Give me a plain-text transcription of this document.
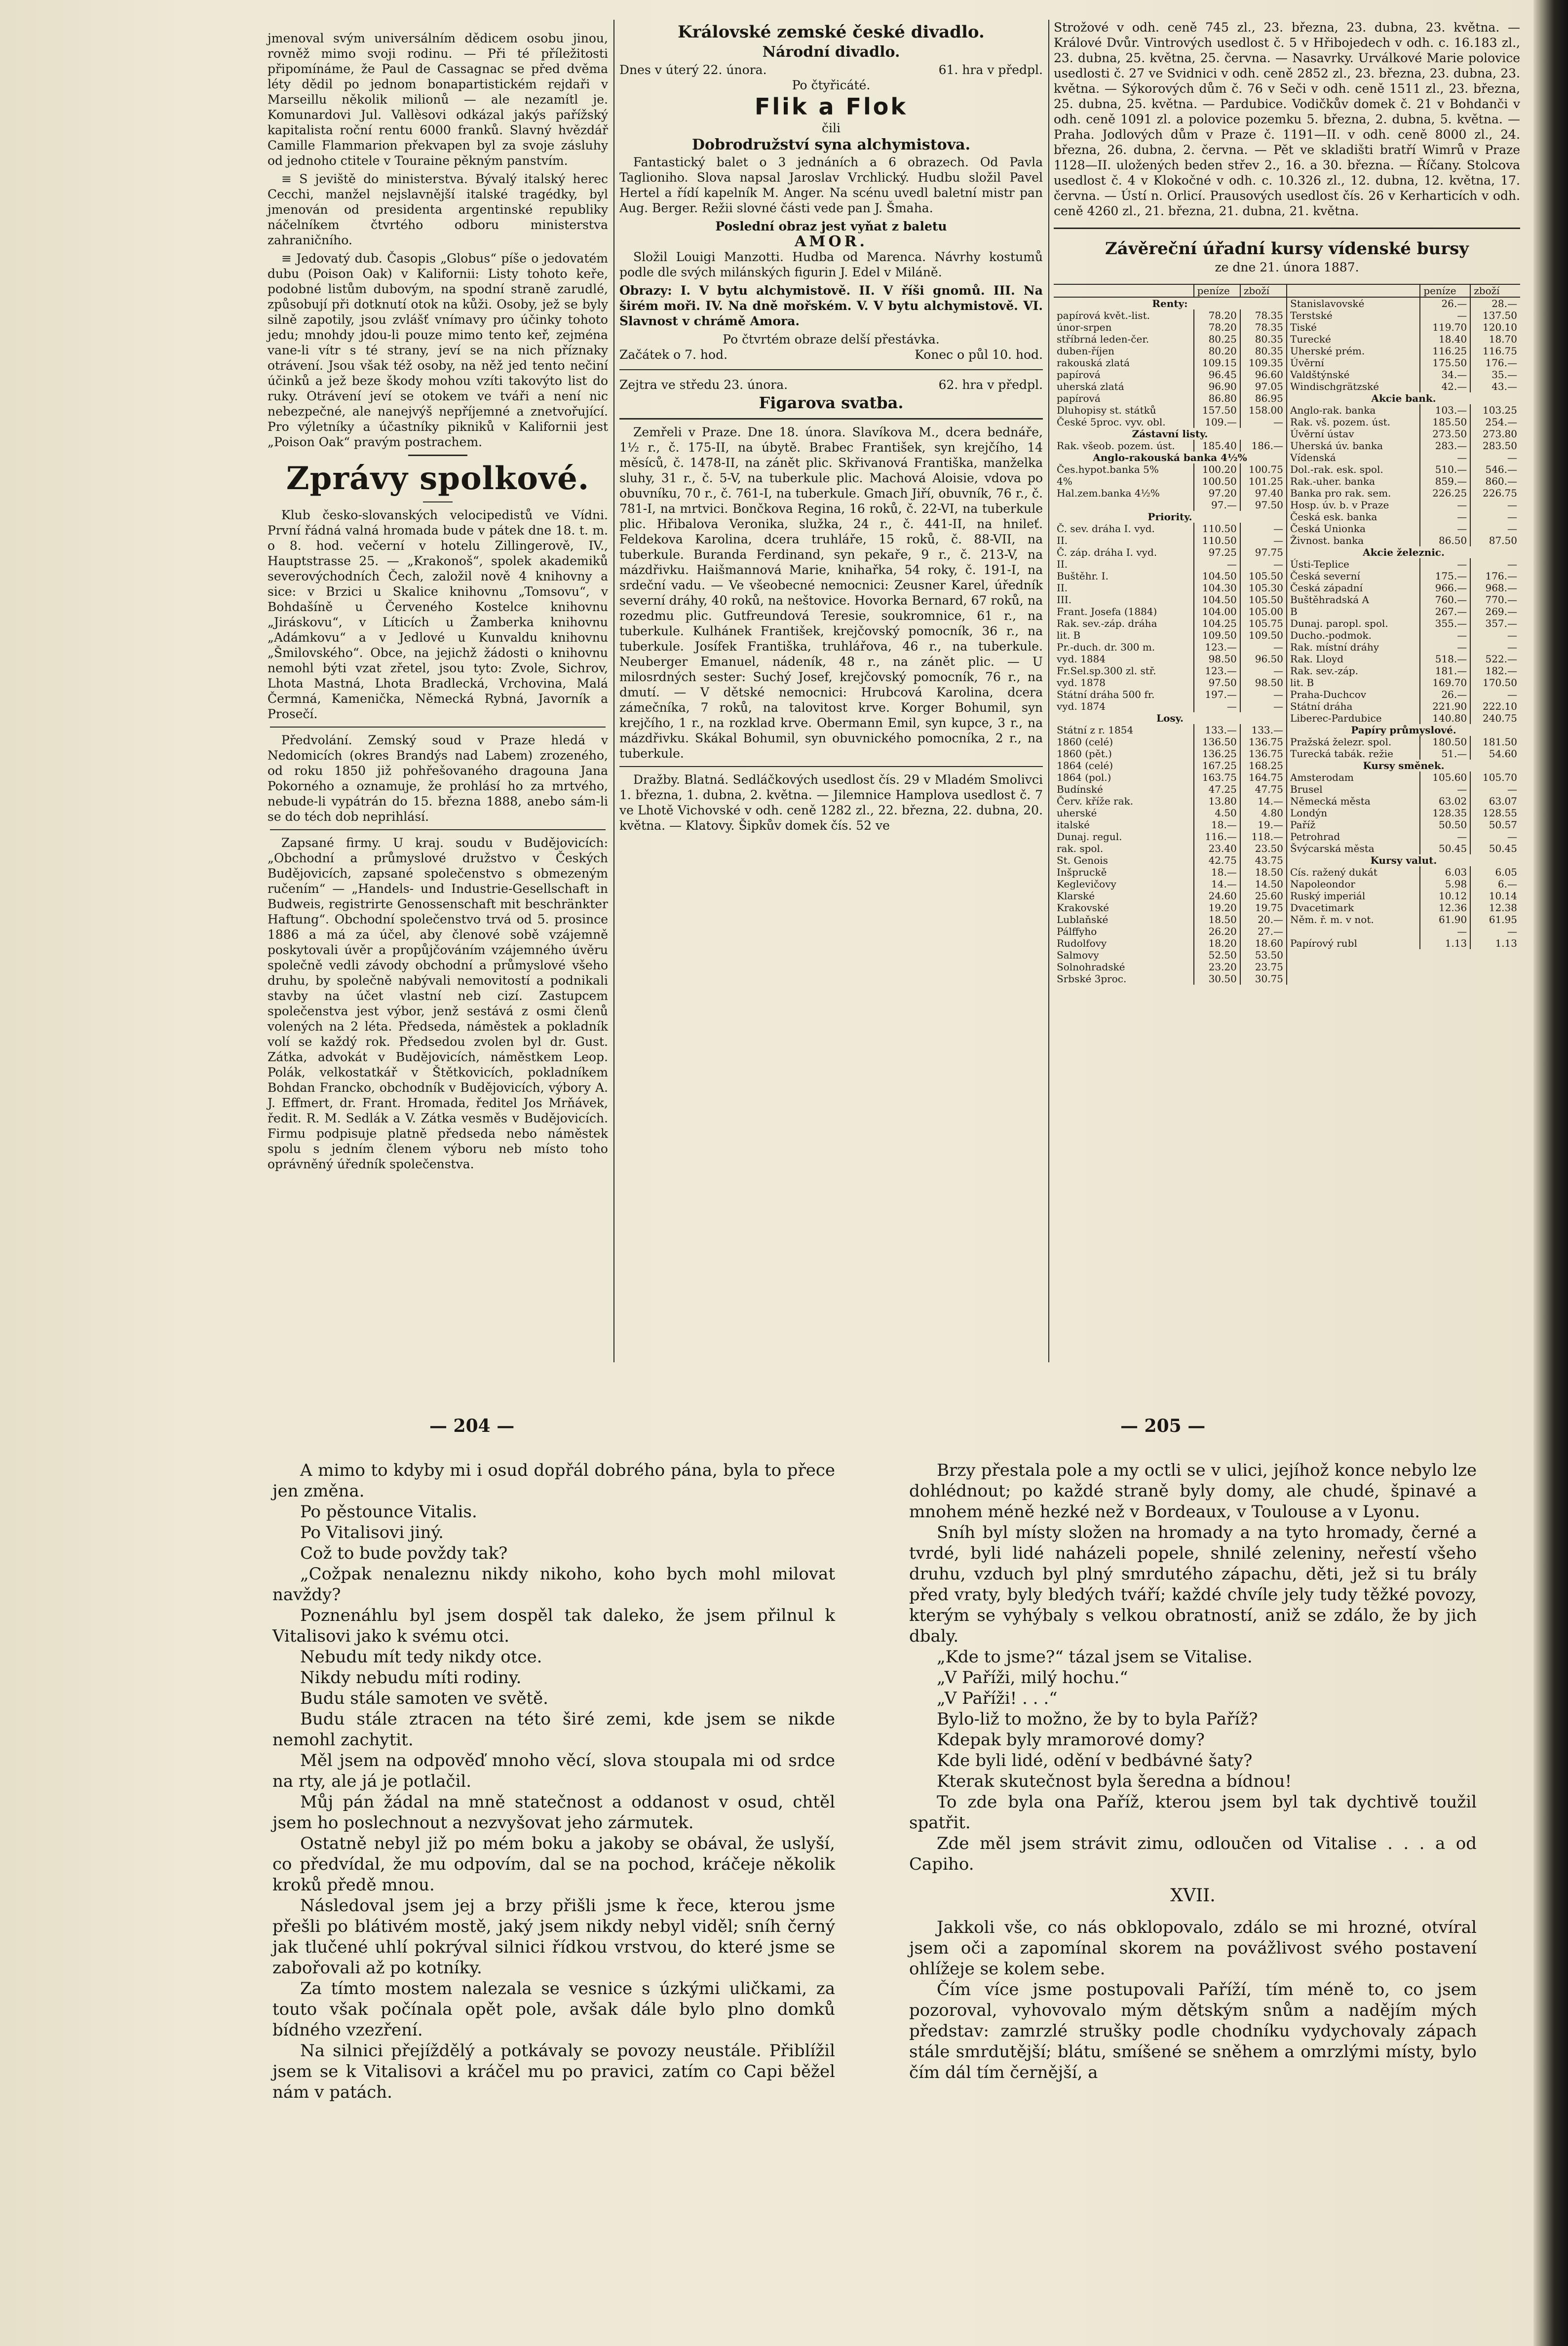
jmenoval svým universálním dědicem osobu jinou, rovněž mimo svoji rodinu. — Při té příležitosti připomínáme, že Paul de Cassagnac se před dvěma léty dědil po jednom bonapartistickém rejdaři v Marseillu několik milionů — ale nezamítl je. Komunardovi Jul. Vallèsovi odkázal jakýs pařížský kapitalista roční rentu 6000 franků. Slavný hvězdář Camille Flammarion překvapen byl za svoje zásluhy od jednoho ctitele v Touraine pěkným panstvím.

≡ S jeviště do ministerstva. Bývalý italský herec Cecchi, manžel nejslavnější italské tragédky, byl jmenován od presidenta argentinské republiky náčelníkem čtvrtého odboru ministerstva zahraničního.

≡ Jedovatý dub. Časopis „Globus“ píše o jedovatém dubu (Poison Oak) v Kalifornii: Listy tohoto keře, podobné listům dubovým, na spodní straně zarudlé, způsobují při dotknutí otok na kůži. Osoby, jež se byly silně zapotily, jsou zvlášť vnímavy pro účinky tohoto jedu; mnohdy jdou-li pouze mimo tento keř, zejména vane-li vítr s té strany, jeví se na nich příznaky otrávení. Jsou však též osoby, na něž jed tento nečiní účinků a jež beze škody mohou vzíti takovýto list do ruky. Otrávení jeví se otokem ve tváři a není nic nebezpečné, ale nanejvýš nepříjemné a znetvořující. Pro výletníky a účastníky pikniků v Kalifornii jest „Poison Oak“ pravým postrachem.

Zprávy spolkové.

Klub česko-slovanských velocipedistů ve Vídni. První řádná valná hromada bude v pátek dne 18. t. m. o 8. hod. večerní v hotelu Zillingerově, IV., Hauptstrasse 25. — „Krakonoš“, spolek akademiků severovýchodních Čech, založil nově 4 knihovny a sice: v Brzici u Skalice knihovnu „Tomsovu“, v Bohdašíně u Červeného Kostelce knihovnu „Jiráskovu“, v Líticích u Žamberka knihovnu „Adámkovu“ a v Jedlové u Kunvaldu knihovnu „Šmilovského“. Obce, na jejichž žádosti o knihovnu nemohl býti vzat zřetel, jsou tyto: Zvole, Sichrov, Lhota Mastná, Lhota Bradlecká, Vrchovina, Malá Čermná, Kamenička, Německá Rybná, Javorník a Prosečí.

Předvolání. Zemský soud v Praze hledá v Nedomicích (okres Brandýs nad Labem) zrozeného, od roku 1850 již pohřešovaného dragouna Jana Pokorného a oznamuje, že prohlásí ho za mrtvého, nebude-li vypátrán do 15. března 1888, anebo sám-li se do téch dob neprihlásí.

Zapsané firmy. U kraj. soudu v Budějovicích: „Obchodní a průmyslové družstvo v Českých Budějovicích, zapsané společenstvo s obmezeným ručením“ — „Handels- und Industrie-Gesellschaft in Budweis, registrirte Genossenschaft mit beschränkter Haftung“. Obchodní společenstvo trvá od 5. prosince 1886 a má za účel, aby členové sobě vzájemně poskytovali úvěr a propůjčováním vzájemného úvěru společně vedli závody obchodní a průmyslové všeho druhu, by společně nabývali nemovitostí a podnikali stavby na účet vlastní neb cizí. Zastupcem společenstva jest výbor, jenž sestává z osmi členů volených na 2 léta. Předseda, náměstek a pokladník volí se každý rok. Předsedou zvolen byl dr. Gust. Zátka, advokát v Budějovicích, náměstkem Leop. Polák, velkostatkář v Štětkovicích, pokladníkem Bohdan Francko, obchodník v Budějovicích, výbory A. J. Effmert, dr. Frant. Hromada, ředitel Jos Mrňávek, ředit. R. M. Sedlák a V. Zátka vesměs v Budějovicích. Firmu podpisuje platně předseda nebo náměstek spolu s jedním členem výboru neb místo toho oprávněný úředník společenstva.

Královské zemské české divadlo.
Národní divadlo.
Dnes v úterý 22. února.	61. hra v předpl.
Po čtyřicáté.
Flik a Flok
čili
Dobrodružství syna alchymistova.

Fantastický balet o 3 jednáních a 6 obrazech. Od Pavla Taglioniho. Slova napsal Jaroslav Vrchlický. Hudbu složil Pavel Hertel a řídí kapelník M. Anger. Na scénu uvedl baletní mistr pan Aug. Berger. Režii slovné části vede pan J. Šmaha.

Poslední obraz jest vyňat z baletu
AMOR.

Složil Louigi Manzotti. Hudba od Marenca. Návrhy kostumů podle dle svých milánských figurin J. Edel v Miláně.

Obrazy: I. V bytu alchymistově. II. V říši gnomů. III. Na širém moři. IV. Na dně mořském. V. V bytu alchymistově. VI. Slavnost v chrámě Amora.

Po čtvrtém obraze delší přestávka.
Začátek o 7. hod.	Konec o půl 10. hod.
Zejtra ve středu 23. února.	62. hra v předpl.
Figarova svatba.

Zemřeli v Praze. Dne 18. února. Slavíkova M., dcera bednáře, 1½ r., č. 175-II, na úbytě. Brabec František, syn krejčího, 14 měsíců, č. 1478-II, na zánět plic. Skřivanová Františka, manželka sluhy, 31 r., č. 5-V, na tuberkule plic. Machová Aloisie, vdova po obuvníku, 70 r., č. 761-I, na tuberkule. Gmach Jiří, obuvník, 76 r., č. 781-I, na mrtvici. Bončkova Regina, 16 roků, č. 22-VI, na tuberkule plic. Hřibalova Veronika, služka, 24 r., č. 441-II, na hnileť. Feldekova Karolina, dcera truhláře, 15 roků, č. 88-VII, na tuberkule. Buranda Ferdinand, syn pekaře, 9 r., č. 213-V, na mázdřivku. Haišmannová Marie, knihařka, 54 roky, č. 191-I, na srdeční vadu. — Ve všeobecné nemocnici: Zeusner Karel, úředník severní dráhy, 40 roků, na neštovice. Hovorka Bernard, 67 roků, na rozedmu plic. Gutfreundová Teresie, soukromnice, 61 r., na tuberkule. Kulhánek František, krejčovský pomocník, 36 r., na tuberkule. Josífek Františka, truhlářova, 46 r., na tuberkule. Neuberger Emanuel, nádeník, 48 r., na zánět plic. — U milosrdných sester: Suchý Josef, krejčovský pomocník, 76 r., na dmutí. — V dětské nemocnici: Hrubcová Karolina, dcera zámečníka, 7 roků, na talovitost krve. Korger Bohumil, syn krejčího, 1 r., na rozklad krve. Obermann Emil, syn kupce, 3 r., na mázdřivku. Skákal Bohumil, syn obuvnického pomocníka, 2 r., na tuberkule.

Dražby. Blatná. Sedláčkových usedlost čís. 29 v Mladém Smolivci 1. března, 1. dubna, 2. května. — Jilemnice Hamplova usedlost č. 7 ve Lhotě Vichovské v odh. ceně 1282 zl., 22. března, 22. dubna, 20. května. — Klatovy. Šipkův domek čís. 52 ve

Strožové v odh. ceně 745 zl., 23. března, 23. dubna, 23. května. — Králové Dvůr. Vintrových usedlost č. 5 v Hřibojedech v odh. c. 16.183 zl., 23. dubna, 25. května, 25. června. — Nasavrky. Urválkové Marie polovice usedlosti č. 27 ve Svidnici v odh. ceně 2852 zl., 23. března, 23. dubna, 23. května. — Sýkorových dům č. 76 v Seči v odh. ceně 1511 zl., 23. března, 25. dubna, 25. května. — Pardubice. Vodičkův domek č. 21 v Bohdanči v odh. ceně 1091 zl. a polovice pozemku 5. března, 2. dubna, 5. května. — Praha. Jodlových dům v Praze č. 1191—II. v odh. ceně 8000 zl., 24. března, 26. dubna, 2. června. — Pět ve skladišti bratří Wimrů v Praze 1128—II. uložených beden střev 2., 16. a 30. března. — Říčany. Stolcova usedlost č. 4 v Klokočné v odh. c. 10.326 zl., 12. dubna, 12. května, 17. června. — Ústí n. Orlicí. Prausových usedlost čís. 26 v Kerharticích v odh. ceně 4260 zl., 21. března, 21. dubna, 21. května.

Závěreční úřadní kursy vídenské bursy
ze dne 21. února 1887.
	peníze	zboží
Renty:		
papírová květ.-list.	78.20	78.35
únor-srpen	78.20	78.35
stříbrná leden-čer.	80.25	80.35
duben-říjen	80.20	80.35
rakouská zlatá	109.15	109.35
papírová	96.45	96.60
uherská zlatá	96.90	97.05
papírová	86.80	86.95
Dluhopisy st. státků	157.50	158.00
České 5proc. vyv. obl.	109.—	—
Zástavní listy.		
Rak. všeob. pozem. úst.	185.40	186.—
Anglo-rakouská banka 4½%		
Čes.hypot.banka 5%	100.20	100.75
4%	100.50	101.25
Hal.zem.banka 4½%	97.20	97.40
	97.—	97.50
Priority.		
Č. sev. dráha I. vyd.	110.50	—
II.	110.50	—
Č. záp. dráha I. vyd.	97.25	97.75
II.	—	—
Buštěhr. I.	104.50	105.50
II.	104.30	105.30
III.	104.50	105.50
Frant. Josefa (1884)	104.00	105.00
Rak. sev.-záp. dráha	104.25	105.75
lit. B	109.50	109.50
Pr.-duch. dr. 300 m.	123.—	—
vyd. 1884	98.50	96.50
Fr.Sel.sp.300 zl. stř.	123.—	—
vyd. 1878	97.50	98.50
Státní dráha 500 fr.	197.—	—
vyd. 1874	—	—
Losy.		
Státní z r. 1854	133.—	133.—
1860 (celé)	136.50	136.75
1860 (pět.)	136.25	136.75
1864 (celé)	167.25	168.25
1864 (pol.)	163.75	164.75
Budínské	47.25	47.75
Červ. kříže rak.	13.80	14.—
uherské	4.50	4.80
italské	18.—	19.—
Dunaj. regul.	116.—	118.—
rak. spol.	23.40	23.50
St. Genois	42.75	43.75
Inšpruckě	18.—	18.50
Keglevičovy	14.—	14.50
Klarské	24.60	25.60
Krakovské	19.20	19.75
Lublaňské	18.50	20.—
Pálffyho	26.20	27.—
Rudolfovy	18.20	18.60
Salmovy	52.50	53.50
Solnohradské	23.20	23.75
Srbské 3proc.	30.50	30.75
	peníze	zboží
Stanislavovské	26.—	28.—
Terstské	—	137.50
Tiské	119.70	120.10
Turecké	18.40	18.70
Uherské prém.	116.25	116.75
Úvěrní	175.50	176.—
Valdštýnské	34.—	35.—
Windischgrätzské	42.—	43.—
Akcie bank.		
Anglo-rak. banka	103.—	103.25
Rak. vš. pozem. úst.	185.50	254.—
Úvěrní ústav	273.50	273.80
Uherská úv. banka	283.—	283.50
Vídenská	—	—
Dol.-rak. esk. spol.	510.—	546.—
Rak.-uher. banka	859.—	860.—
Banka pro rak. sem.	226.25	226.75
Hosp. úv. b. v Praze	—	—
Česká esk. banka	—	—
Česká Unionka	—	—
Živnost. banka	86.50	87.50
Akcie železnic.		
Ústi-Teplice	—	—
Česká severní	175.—	176.—
Česká západní	966.—	968.—
Buštěhradská A	760.—	770.—
B	267.—	269.—
Dunaj. paropl. spol.	355.—	357.—
Ducho.-podmok.	—	—
Rak. místní dráhy	—	—
Rak. Lloyd	518.—	522.—
Rak. sev.-záp.	181.—	182.—
lit. B	169.70	170.50
Praha-Duchcov	26.—	—
Státní dráha	221.90	222.10
Liberec-Pardubice	140.80	240.75
Papíry průmyslové.		
Pražská železr. spol.	180.50	181.50
Turecká tabák. režie	51.—	54.60
Kursy směnek.		
Amsterodam	105.60	105.70
Brusel	—	—
Německá města	63.02	63.07
Londýn	128.35	128.55
Paříž	50.50	50.57
Petrohrad	—	—
Švýcarská města	50.45	50.45
Kursy valut.		
Cís. ražený dukát	6.03	6.05
Napoleondor	5.98	6.—
Ruský imperiál	10.12	10.14
Dvacetimark	12.36	12.38
Něm. ř. m. v not.	61.90	61.95
	—	—
Papírový rubl	1.13	1.13
— 204 —	— 205 —

A mimo to kdyby mi i osud dopřál dobrého pána, byla to přece jen změna.

Po pěstounce Vitalis.

Po Vitalisovi jiný.

Což to bude povždy tak?

„Cožpak nenaleznu nikdy nikoho, koho bych mohl milovat navždy?

Poznenáhlu byl jsem dospěl tak daleko, že jsem přilnul k Vitalisovi jako k svému otci.

Nebudu mít tedy nikdy otce.

Nikdy nebudu míti rodiny.

Budu stále samoten ve světě.

Budu stále ztracen na této širé zemi, kde jsem se nikde nemohl zachytit.

Měl jsem na odpověď mnoho věcí, slova stoupala mi od srdce na rty, ale já je potlačil.

Můj pán žádal na mně statečnost a oddanost v osud, chtěl jsem ho poslechnout a nezvyšovat jeho zármutek.

Ostatně nebyl již po mém boku a jakoby se obával, že uslyší, co předvídal, že mu odpovím, dal se na pochod, kráčeje několik kroků předě mnou.

Následoval jsem jej a brzy přišli jsme k řece, kterou jsme přešli po blátivém mostě, jaký jsem nikdy nebyl viděl; sníh černý jak tlučené uhlí pokrýval silnici řídkou vrstvou, do které jsme se zabořovali až po kotníky.

Za tímto mostem nalezala se vesnice s úzkými uličkami, za touto však počínala opět pole, avšak dále bylo plno domků bídného vzezření.

Na silnici přejíždělý a potkávaly se povozy neustále. Přiblížil jsem se k Vitalisovi a kráčel mu po pravici, zatím co Capi běžel nám v patách.

Brzy přestala pole a my octli se v ulici, jejíhož konce nebylo lze dohlédnout; po každé straně byly domy, ale chudé, špinavé a mnohem méně hezké než v Bordeaux, v Toulouse a v Lyonu.

Sníh byl místy složen na hromady a na tyto hromady, černé a tvrdé, byli lidé naházeli popele, shnilé zeleniny, neřestí všeho druhu, vzduch byl plný smrdutého zápachu, děti, jež si tu brály před vraty, byly bledých tváří; každé chvíle jely tudy těžké povozy, kterým se vyhýbaly s velkou obratností, aniž se zdálo, že by jich dbaly.

„Kde to jsme?“ tázal jsem se Vitalise.

„V Paříži, milý hochu.“

„V Paříži! . . .“

Bylo-liž to možno, že by to byla Paříž?

Kdepak byly mramorové domy?

Kde byli lidé, odění v bedbávné šaty?

Kterak skutečnost byla šeredna a bídnou!

To zde byla ona Paříž, kterou jsem byl tak dychtivě toužil spatřit.

Zde měl jsem strávit zimu, odloučen od Vitalise . . . a od Capiho.

XVII.

Jakkoli vše, co nás obklopovalo, zdálo se mi hrozné, otvíral jsem oči a zapomínal skorem na povážlivost svého postavení ohlížeje se kolem sebe.

Čím více jsme postupovali Paříží, tím méně to, co jsem pozoroval, vyhovovalo mým dětským snům a nadějím mých představ: zamrzlé strušky podle chodníku vydychovaly zápach stále smrdutější; blátu, smíšené se sněhem a omrzlými místy, bylo čím dál tím černější, a
